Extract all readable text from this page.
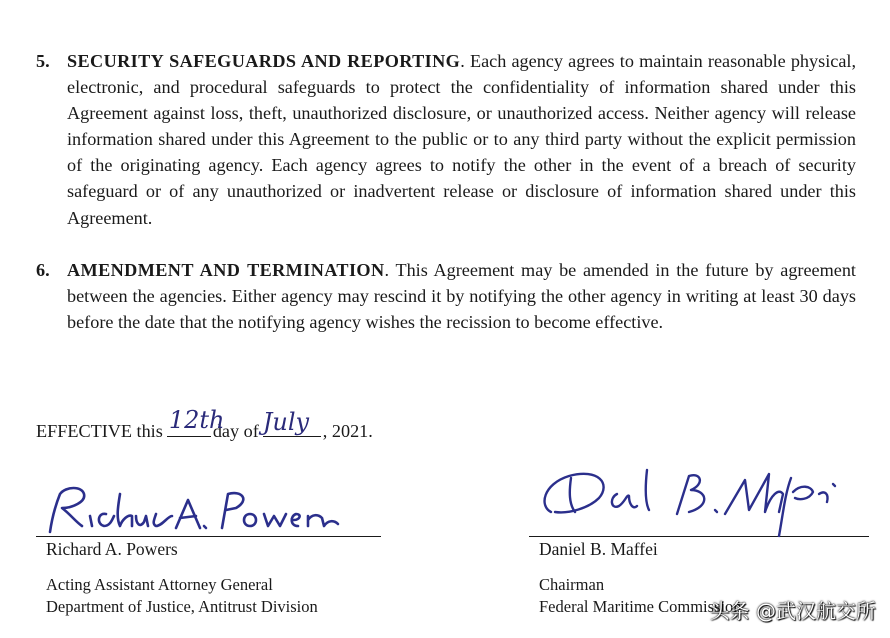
5. SECURITY SAFEGUARDS AND REPORTING. Each agency agrees to maintain reasonable physical, electronic, and procedural safeguards to protect the confidentiality of information shared under this Agreement against loss, theft, unauthorized disclosure, or unauthorized access. Neither agency will release information shared under this Agreement to the public or to any third party without the explicit permission of the originating agency. Each agency agrees to notify the other in the event of a breach of security safeguard or of any unauthorized or inadvertent release or disclosure of information shared under this Agreement.
6. AMENDMENT AND TERMINATION. This Agreement may be amended in the future by agreement between the agencies. Either agency may rescind it by notifying the other agency in writing at least 30 days before the date that the notifying agency wishes the recission to become effective.
EFFECTIVE this 12th
day of July , 2021.
Richard A. Powers
Acting Assistant Attorney General
Department of Justice, Antitrust Division
Daniel B. Maffei
Chairman
Federal Maritime Commission
头条 @武汉航交所
